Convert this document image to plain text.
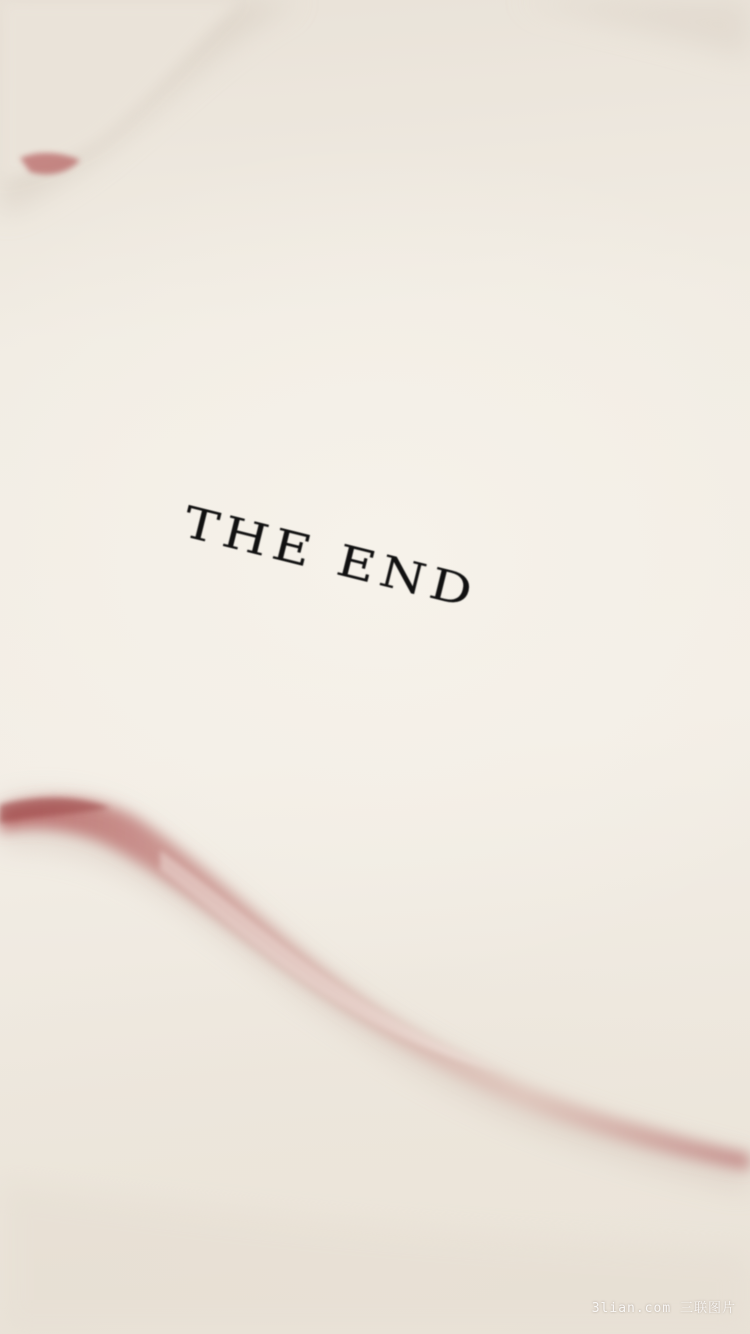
THE END

3lian.com 三联图片
